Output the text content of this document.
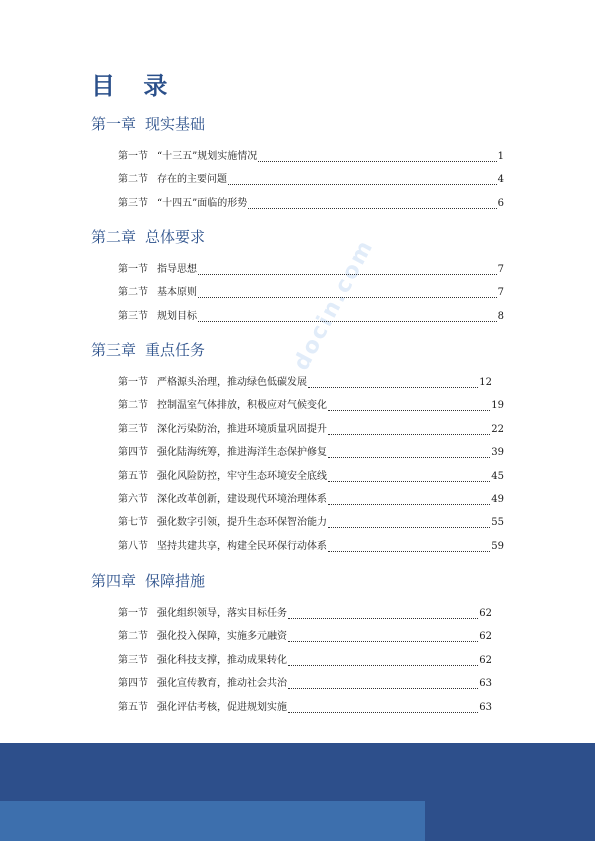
目 录
docin.com
第一章 现实基础
第一节 “十三五”规划实施情况	1
第二节 存在的主要问题	4
第三节 “十四五”面临的形势	6
第二章 总体要求
第一节 指导思想	7
第二节 基本原则	7
第三节 规划目标	8
第三章 重点任务
第一节 严格源头治理，推动绿色低碳发展	12
第二节 控制温室气体排放，积极应对气候变化	19
第三节 深化污染防治，推进环境质量巩固提升	22
第四节 强化陆海统筹，推进海洋生态保护修复	39
第五节 强化风险防控，牢守生态环境安全底线	45
第六节 深化改革创新，建设现代环境治理体系	49
第七节 强化数字引领，提升生态环保智治能力	55
第八节 坚持共建共享，构建全民环保行动体系	59
第四章 保障措施
第一节 强化组织领导，落实目标任务	62
第二节 强化投入保障，实施多元融资	62
第三节 强化科技支撑，推动成果转化	62
第四节 强化宣传教育，推动社会共治	63
第五节 强化评估考核，促进规划实施	63
